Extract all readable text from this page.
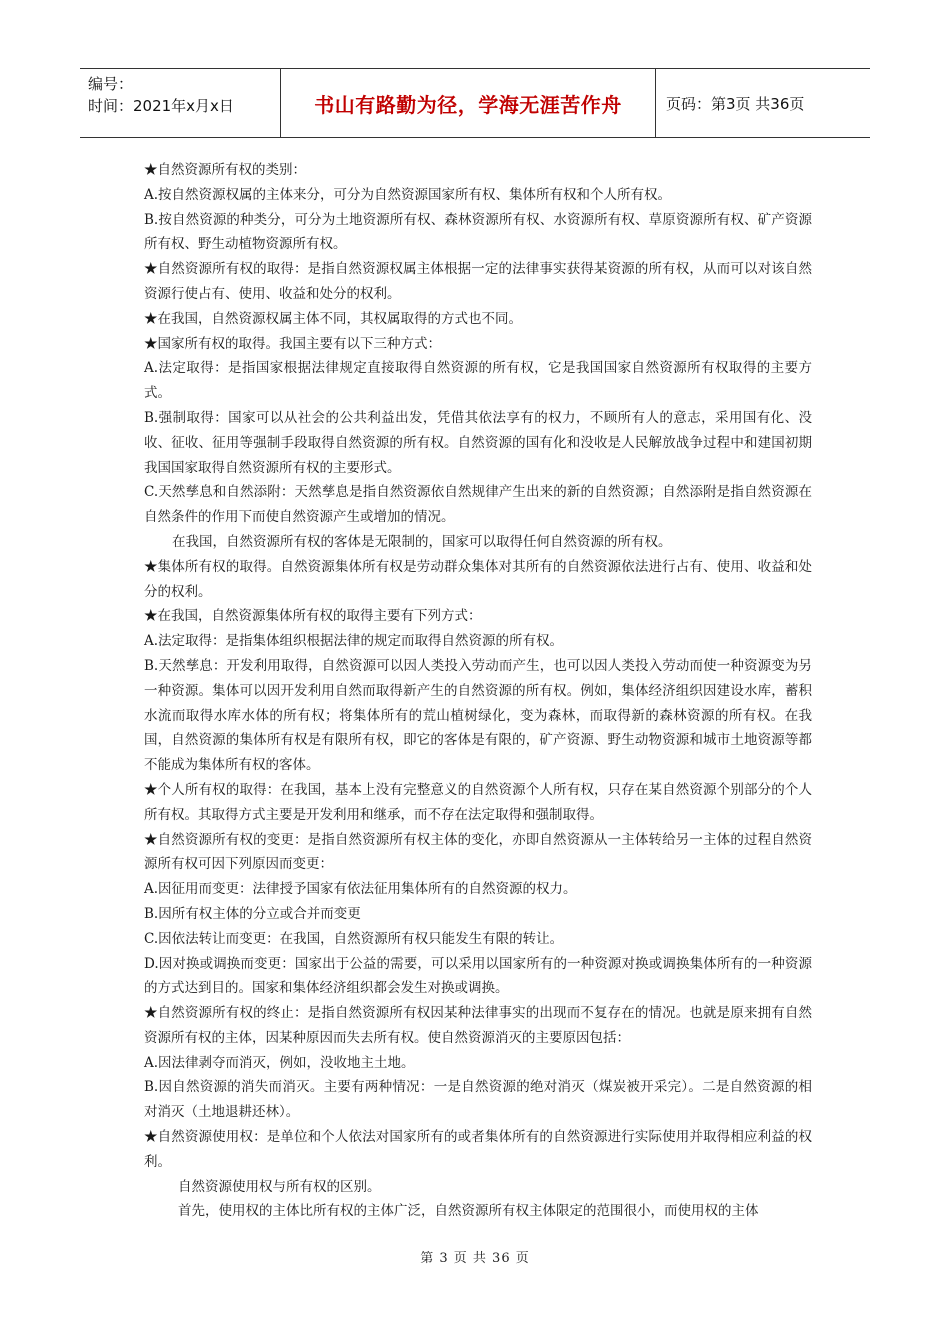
编号：
时间：2021年x月x日	书山有路勤为径，学海无涯苦作舟	页码：第3页 共36页

★自然资源所有权的类别：

A.按自然资源权属的主体来分，可分为自然资源国家所有权、集体所有权和个人所有权。

B.按自然资源的种类分，可分为土地资源所有权、森林资源所有权、水资源所有权、草原资源所有权、矿产资源所有权、野生动植物资源所有权。

★自然资源所有权的取得：是指自然资源权属主体根据一定的法律事实获得某资源的所有权，从而可以对该自然资源行使占有、使用、收益和处分的权利。

★在我国，自然资源权属主体不同，其权属取得的方式也不同。

★国家所有权的取得。我国主要有以下三种方式：

A.法定取得：是指国家根据法律规定直接取得自然资源的所有权，它是我国国家自然资源所有权取得的主要方式。

B.强制取得：国家可以从社会的公共利益出发，凭借其依法享有的权力，不顾所有人的意志，采用国有化、没收、征收、征用等强制手段取得自然资源的所有权。自然资源的国有化和没收是人民解放战争过程中和建国初期我国国家取得自然资源所有权的主要形式。

C.天然孳息和自然添附：天然孳息是指自然资源依自然规律产生出来的新的自然资源；自然添附是指自然资源在自然条件的作用下而使自然资源产生或增加的情况。

在我国，自然资源所有权的客体是无限制的，国家可以取得任何自然资源的所有权。

★集体所有权的取得。自然资源集体所有权是劳动群众集体对其所有的自然资源依法进行占有、使用、收益和处分的权利。

★在我国，自然资源集体所有权的取得主要有下列方式：

A.法定取得：是指集体组织根据法律的规定而取得自然资源的所有权。

B.天然孳息：开发利用取得，自然资源可以因人类投入劳动而产生，也可以因人类投入劳动而使一种资源变为另一种资源。集体可以因开发利用自然而取得新产生的自然资源的所有权。例如，集体经济组织因建设水库，蓄积水流而取得水库水体的所有权；将集体所有的荒山植树绿化，变为森林，而取得新的森林资源的所有权。在我国，自然资源的集体所有权是有限所有权，即它的客体是有限的，矿产资源、野生动物资源和城市土地资源等都不能成为集体所有权的客体。

★个人所有权的取得：在我国，基本上没有完整意义的自然资源个人所有权，只存在某自然资源个别部分的个人所有权。其取得方式主要是开发利用和继承，而不存在法定取得和强制取得。

★自然资源所有权的变更：是指自然资源所有权主体的变化，亦即自然资源从一主体转给另一主体的过程自然资源所有权可因下列原因而变更：

A.因征用而变更：法律授予国家有依法征用集体所有的自然资源的权力。

B.因所有权主体的分立或合并而变更

C.因依法转让而变更：在我国，自然资源所有权只能发生有限的转让。

D.因对换或调换而变更：国家出于公益的需要，可以采用以国家所有的一种资源对换或调换集体所有的一种资源的方式达到目的。国家和集体经济组织都会发生对换或调换。

★自然资源所有权的终止：是指自然资源所有权因某种法律事实的出现而不复存在的情况。也就是原来拥有自然资源所有权的主体，因某种原因而失去所有权。使自然资源消灭的主要原因包括：

A.因法律剥夺而消灭，例如，没收地主土地。

B.因自然资源的消失而消灭。主要有两种情况：一是自然资源的绝对消灭（煤炭被开采完）。二是自然资源的相对消灭（土地退耕还林）。

★自然资源使用权：是单位和个人依法对国家所有的或者集体所有的自然资源进行实际使用并取得相应利益的权利。

自然资源使用权与所有权的区别。

首先，使用权的主体比所有权的主体广泛，自然资源所有权主体限定的范围很小，而使用权的主体

第 3 页 共 36 页
